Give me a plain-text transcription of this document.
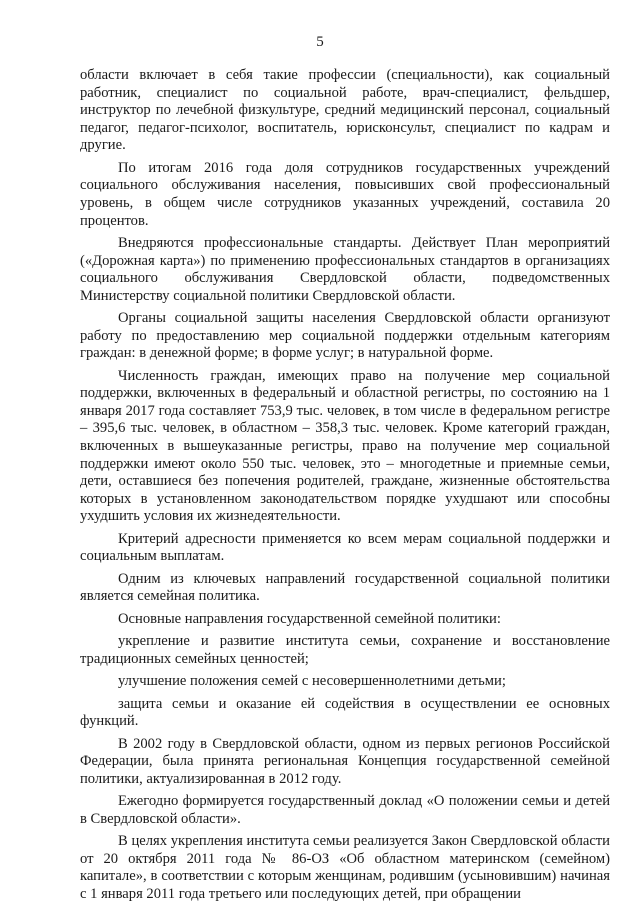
5

области включает в себя такие профессии (специальности), как социальный работник, специалист по социальной работе, врач-специалист, фельдшер, инструктор по лечебной физкультуре, средний медицинский персонал, социальный педагог, педагог-психолог, воспитатель, юрисконсульт, специалист по кадрам и другие.

По итогам 2016 года доля сотрудников государственных учреждений социального обслуживания населения, повысивших свой профессиональный уровень, в общем числе сотрудников указанных учреждений, составила 20 процентов.

Внедряются профессиональные стандарты. Действует План мероприятий («Дорожная карта») по применению профессиональных стандартов в организациях социального обслуживания Свердловской области, подведомственных Министерству социальной политики Свердловской области.

Органы социальной защиты населения Свердловской области организуют работу по предоставлению мер социальной поддержки отдельным категориям граждан: в денежной форме; в форме услуг; в натуральной форме.

Численность граждан, имеющих право на получение мер социальной поддержки, включенных в федеральный и областной регистры, по состоянию на 1 января 2017 года составляет 753,9 тыс. человек, в том числе в федеральном регистре – 395,6 тыс. человек, в областном – 358,3 тыс. человек. Кроме категорий граждан, включенных в вышеуказанные регистры, право на получение мер социальной поддержки имеют около 550 тыс. человек, это – многодетные и приемные семьи, дети, оставшиеся без попечения родителей, граждане, жизненные обстоятельства которых в установленном законодательством порядке ухудшают или способны ухудшить условия их жизнедеятельности.

Критерий адресности применяется ко всем мерам социальной поддержки и социальным выплатам.

Одним из ключевых направлений государственной социальной политики является семейная политика.

Основные направления государственной семейной политики:

укрепление и развитие института семьи, сохранение и восстановление традиционных семейных ценностей;

улучшение положения семей с несовершеннолетними детьми;

защита семьи и оказание ей содействия в осуществлении ее основных функций.

В 2002 году в Свердловской области, одном из первых регионов Российской Федерации, была принята региональная Концепция государственной семейной политики, актуализированная в 2012 году.

Ежегодно формируется государственный доклад «О положении семьи и детей в Свердловской области».

В целях укрепления института семьи реализуется Закон Свердловской области от 20 октября 2011 года № 86-ОЗ «Об областном материнском (семейном) капитале», в соответствии с которым женщинам, родившим (усыновившим) начиная с 1 января 2011 года третьего или последующих детей, при обращении
